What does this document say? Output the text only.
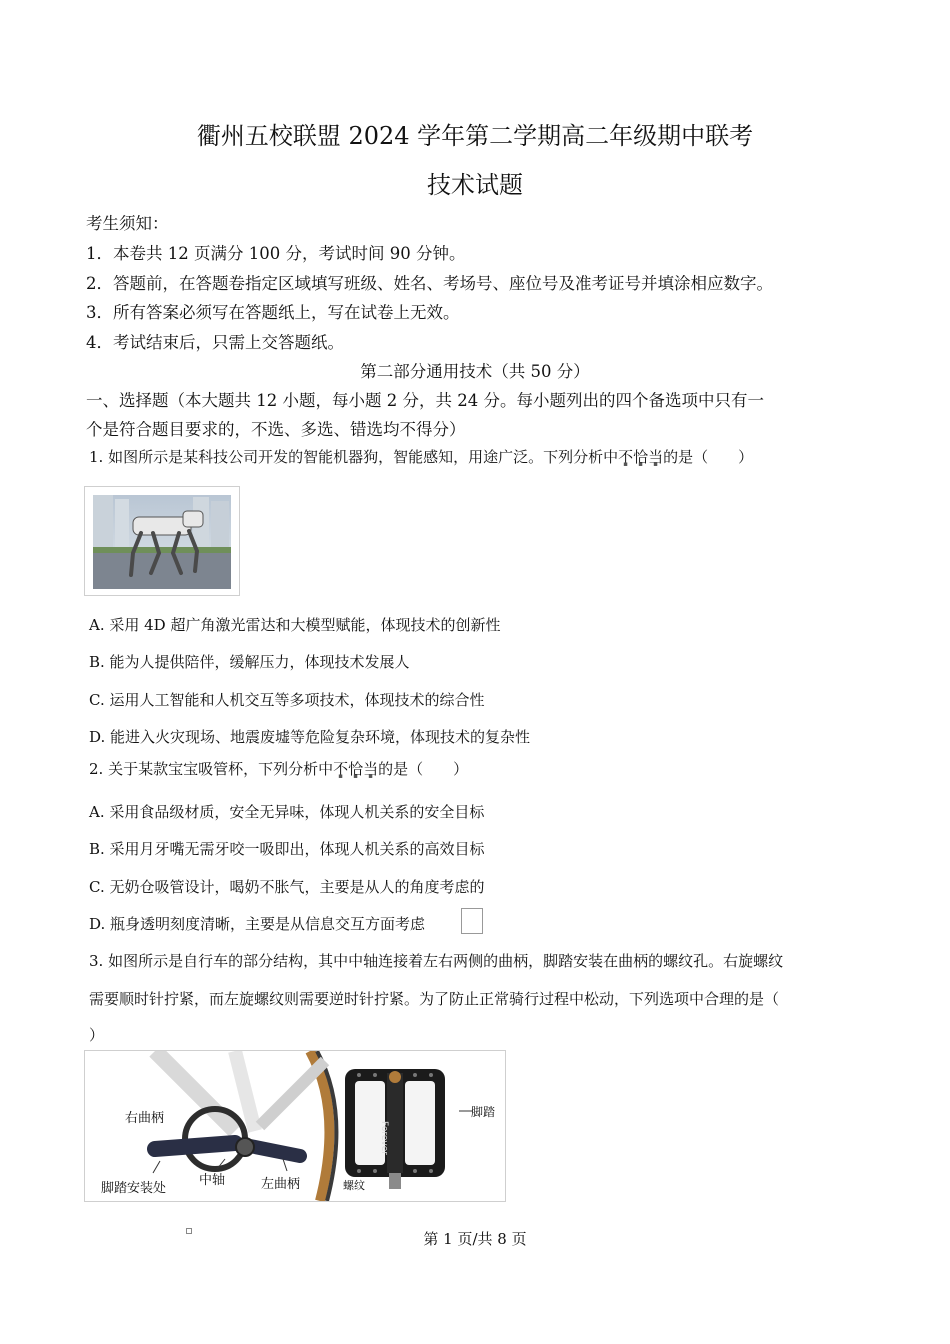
衢州五校联盟 2024 学年第二学期高二年级期中联考
技术试题
考生须知：
1．本卷共 12 页满分 100 分，考试时间 90 分钟。
2．答题前，在答题卷指定区域填写班级、姓名、考场号、座位号及准考证号并填涂相应数字。
3．所有答案必须写在答题纸上，写在试卷上无效。
4．考试结束后，只需上交答题纸。
第二部分通用技术（共 50 分）
一、选择题（本大题共 12 小题，每小题 2 分，共 24 分。每小题列出的四个备选项中只有一
个是符合题目要求的，不选、多选、错选均不得分）
1. 如图所示是某科技公司开发的智能机器狗，智能感知，用途广泛。下列分析中不 ▪恰 ▪当 ▪的是（　　）
A. 采用 4D 超广角激光雷达和大模型赋能，体现技术的创新性
B. 能为人提供陪伴，缓解压力，体现技术发展人
C. 运用人工智能和人机交互等多项技术，体现技术的综合性
D. 能进入火灾现场、地震废墟等危险复杂环境，体现技术的复杂性
2. 关于某款宝宝吸管杯，下列分析中不 ▪恰 ▪当 ▪的是（　　）
A. 采用食品级材质，安全无异味，体现人机关系的安全目标
B. 采用月牙嘴无需牙咬一吸即出，体现人机关系的高效目标
C. 无奶仓吸管设计，喝奶不胀气，主要是从人的角度考虑的
D. 瓶身透明刻度清晰，主要是从信息交互方面考虑
3. 如图所示是自行车的部分结构，其中中轴连接着左右两侧的曲柄，脚踏安装在曲柄的螺纹孔。右旋螺纹
需要顺时针拧紧，而左旋螺纹则需要逆时针拧紧。为了防止正常骑行过程中松动，下列选项中合理的是（
）
右曲柄
脚踏安装处
中轴	左曲柄
脚踏
螺纹
Forever
第 1 页/共 8 页
